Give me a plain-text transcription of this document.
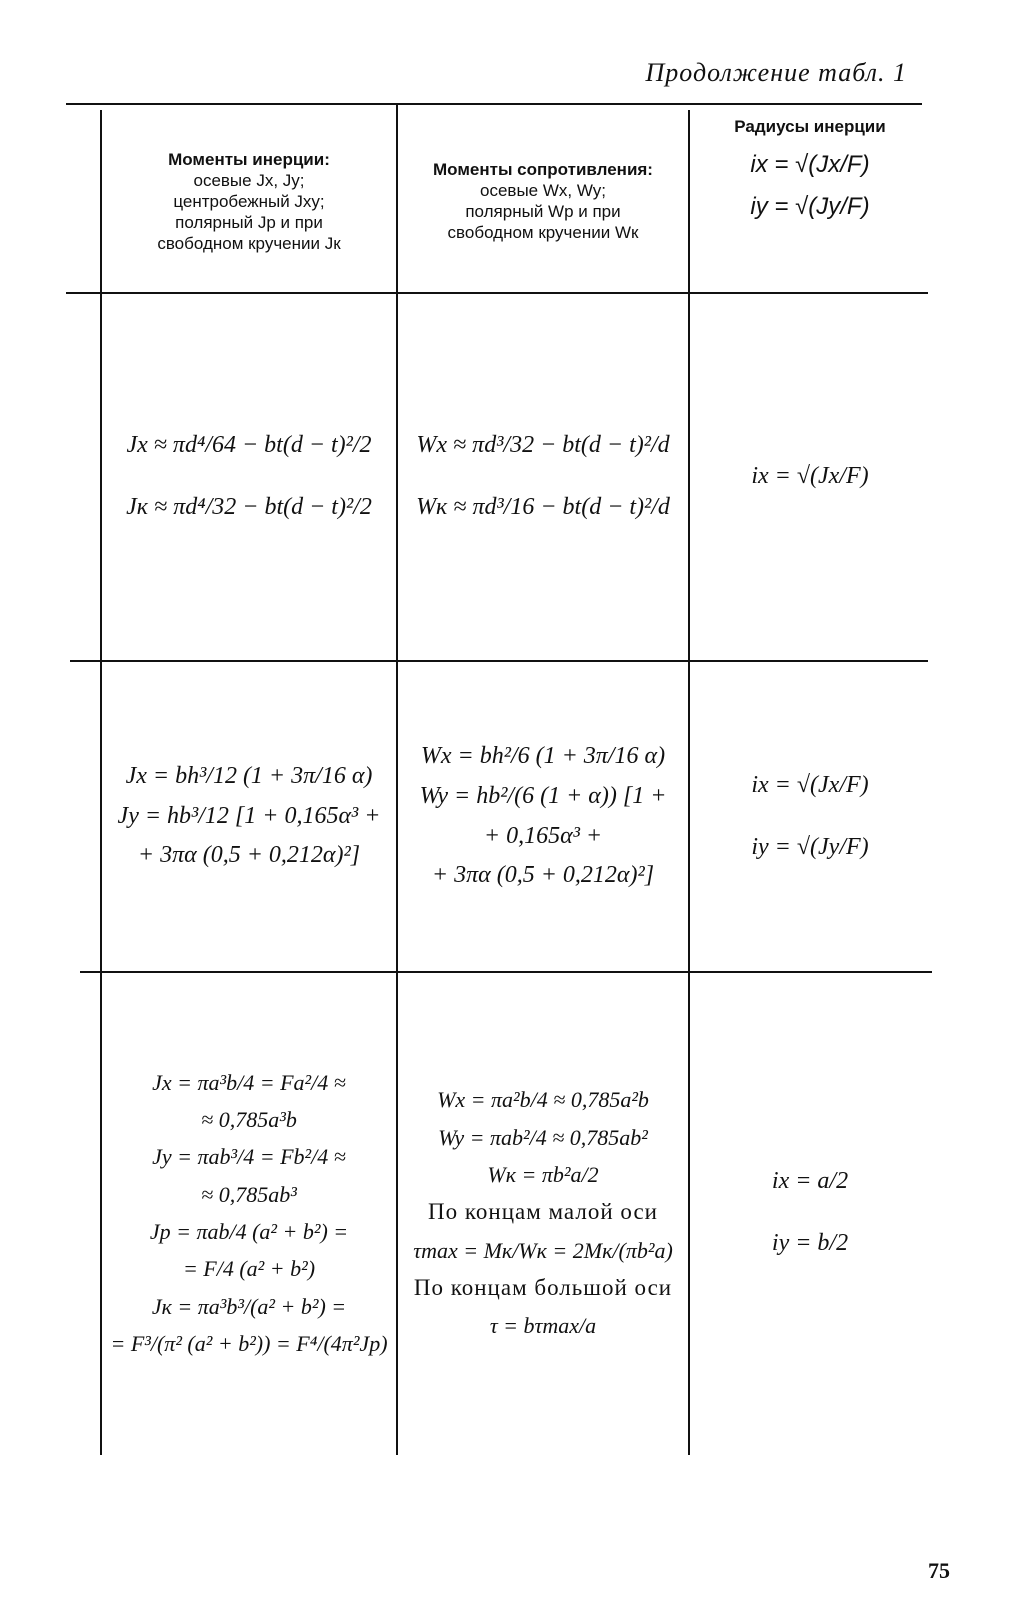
Продолжение табл. 1
Моменты инерции:
осевые Jx, Jy;
центробежный Jxy;
полярный Jp и при
свободном кручении Jк
Моменты сопротивления:
осевые Wx, Wy;
полярный Wp и при
свободном кручении Wк
Радиусы инерции
ix = √(Jx/F)
iy = √(Jy/F)
Jx ≈ πd⁴/64 − bt(d − t)²/2
Jк ≈ πd⁴/32 − bt(d − t)²/2
Wx ≈ πd³/32 − bt(d − t)²/d
Wк ≈ πd³/16 − bt(d − t)²/d
ix = √(Jx/F)
Jx = bh³/12 (1 + 3π/16 α)
Jy = hb³/12 [1 + 0,165α³ +
+ 3πα (0,5 + 0,212α)²]
Wx = bh²/6 (1 + 3π/16 α)
Wy = hb²/(6 (1 + α)) [1 +
+ 0,165α³ +
+ 3πα (0,5 + 0,212α)²]
ix = √(Jx/F)
iy = √(Jy/F)
Jx = πa³b/4 = Fa²/4 ≈
≈ 0,785a³b
Jy = πab³/4 = Fb²/4 ≈
≈ 0,785ab³
Jp = πab/4 (a² + b²) =
= F/4 (a² + b²)
Jк = πa³b³/(a² + b²) =
= F³/(π² (a² + b²)) = F⁴/(4π²Jp)
Wx = πa²b/4 ≈ 0,785a²b
Wy = πab²/4 ≈ 0,785ab²
Wк = πb²a/2
По концам малой оси
τmax = Mк/Wк = 2Mк/(πb²a)
По концам большой оси
τ = bτmax/a
ix = a/2
iy = b/2
75
